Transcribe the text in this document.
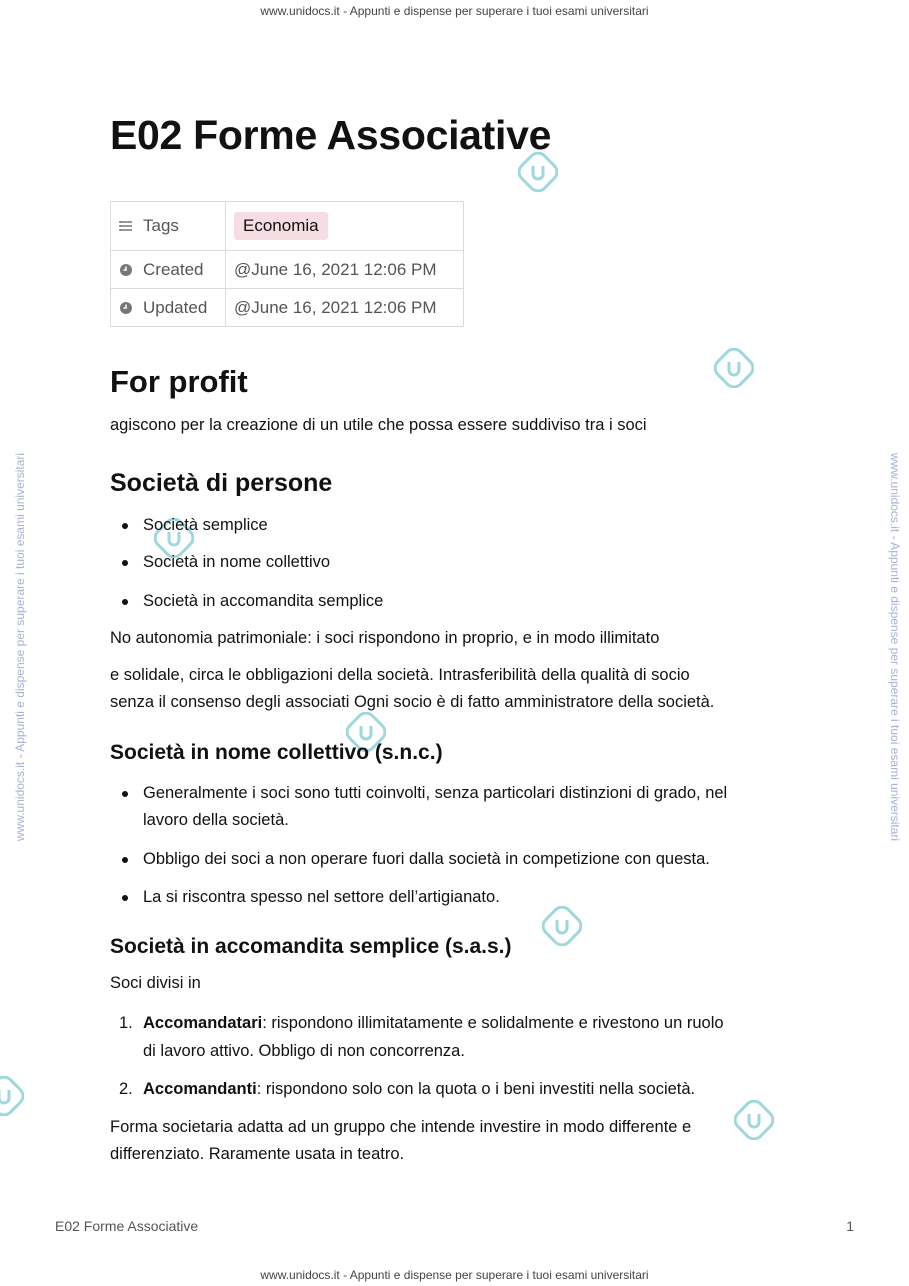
www.unidocs.it - Appunti e dispense per superare i tuoi esami universitari
www.unidocs.it - Appunti e dispense per superare i tuoi esami universitari
www.unidocs.it - Appunti e dispense per superare i tuoi esami universitari	www.unidocs.it - Appunti e dispense per superare i tuoi esami universitari
E02 Forme Associative
Tags	Economia
Created	@June 16, 2021 12:06 PM
Updated	@June 16, 2021 12:06 PM
For profit
agiscono per la creazione di un utile che possa essere suddiviso tra i soci
Società di persone
Società semplice
Società in nome collettivo
Società in accomandita semplice
No autonomia patrimoniale: i soci rispondono in proprio, e in modo illimitato
e solidale, circa le obbligazioni della società. Intrasferibilità della qualità di socio
senza il consenso degli associati Ogni socio è di fatto amministratore della società.
Società in nome collettivo (s.n.c.)
Generalmente i soci sono tutti coinvolti, senza particolari distinzioni di grado, nel
lavoro della società.
Obbligo dei soci a non operare fuori dalla società in competizione con questa.
La si riscontra spesso nel settore dell’artigianato.
Società in accomandita semplice (s.a.s.)
Soci divisi in
1. Accomandatari: rispondono illimitatamente e solidalmente e rivestono un ruolo
di lavoro attivo. Obbligo di non concorrenza.
2. Accomandanti: rispondono solo con la quota o i beni investiti nella società.
Forma societaria adatta ad un gruppo che intende investire in modo differente e
differenziato. Raramente usata in teatro.
E02 Forme Associative	1
